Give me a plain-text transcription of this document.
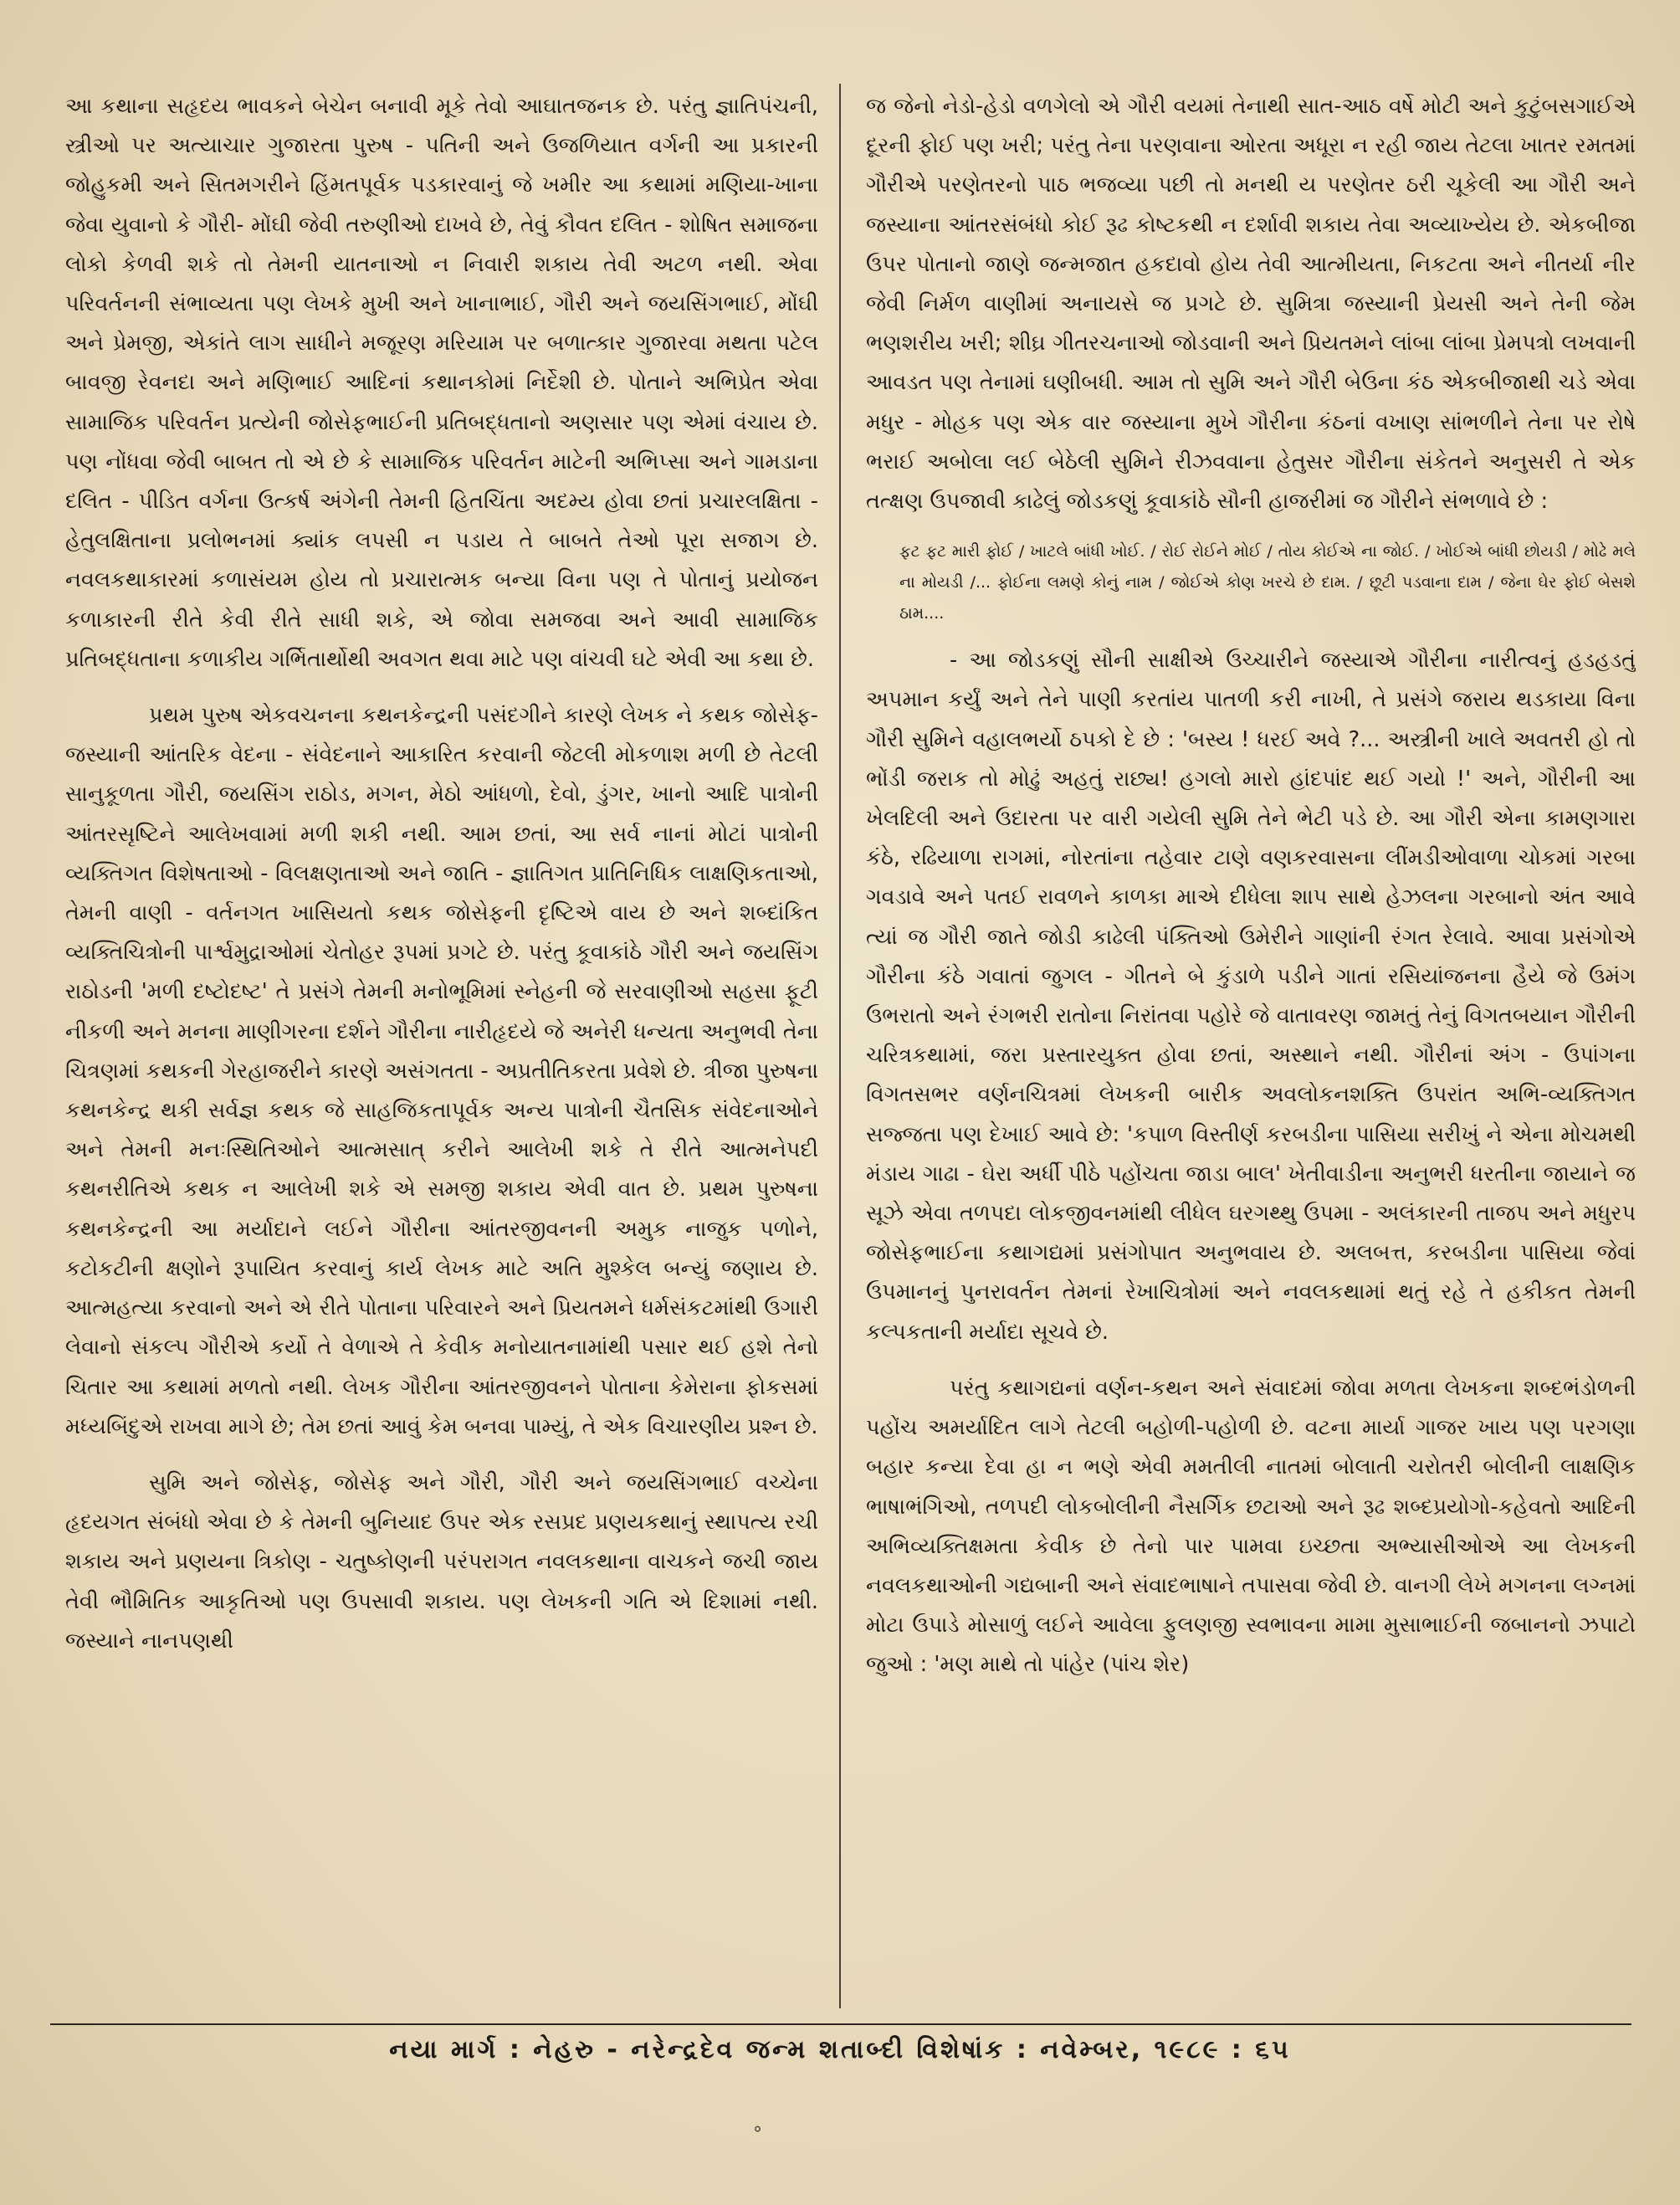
આ કથાના સહૃદય ભાવકને બેચેન બનાવી મૂકે તેવો આઘાતજનક છે. પરંતુ જ્ઞાતિપંચની, સ્ત્રીઓ પર અત્યાચાર ગુજારતા પુરુષ - પતિની અને ઉજળિયાત વર્ગની આ પ્રકારની જોહુકમી અને સિતમગરીને હિંમતપૂર્વક પડકારવાનું જે ખમીર આ કથામાં મણિયા-ખાના જેવા યુવાનો કે ગૌરી- મોંઘી જેવી તરુણીઓ દાખવે છે, તેવું કૌવત દલિત - શોષિત સમાજના લોકો કેળવી શકે તો તેમની યાતનાઓ ન નિવારી શકાય તેવી અટળ નથી. એવા પરિવર્તનની સંભાવ્યતા પણ લેખકે મુખી અને ખાનાભાઈ, ગૌરી અને જયસિંગભાઈ, મોંઘી અને પ્રેમજી, એકાંતે લાગ સાધીને મજૂરણ મરિયામ પર બળાત્કાર ગુજારવા મથતા પટેલ બાવજી રેવનદા અને મણિભાઈ આદિનાં કથાનકોમાં નિર્દેશી છે. પોતાને અભિપ્રેત એવા સામાજિક પરિવર્તન પ્રત્યેની જોસેફભાઈની પ્રતિબદ્ધતાનો અણસાર પણ એમાં વંચાય છે. પણ નોંધવા જેવી બાબત તો એ છે કે સામાજિક પરિવર્તન માટેની અભિપ્સા અને ગામડાના દલિત - પીડિત વર્ગના ઉત્કર્ષ અંગેની તેમની હિતચિંતા અદમ્ય હોવા છતાં પ્રચારલક્ષિતા - હેતુલક્ષિતાના પ્રલોભનમાં ક્યાંક લપસી ન પડાય તે બાબતે તેઓ પૂરા સજાગ છે. નવલકથાકારમાં કળાસંયમ હોય તો પ્રચારાત્મક બન્યા વિના પણ તે પોતાનું પ્રયોજન કળાકારની રીતે કેવી રીતે સાધી શકે, એ જોવા સમજવા અને આવી સામાજિક પ્રતિબદ્ધતાના કળાકીય ગર્ભિતાર્થોથી અવગત થવા માટે પણ વાંચવી ઘટે એવી આ કથા છે.

પ્રથમ પુરુષ એકવચનના કથનકેન્દ્રની પસંદગીને કારણે લેખક ને કથક જોસેફ-જસ્યાની આંતરિક વેદના - સંવેદનાને આકારિત કરવાની જેટલી મોકળાશ મળી છે તેટલી સાનુકૂળતા ગૌરી, જયસિંગ રાઠોડ, મગન, મેઠો આંધળો, દેવો, ડુંગર, ખાનો આદિ પાત્રોની આંતરસૃષ્ટિને આલેખવામાં મળી શકી નથી. આમ છતાં, આ સર્વ નાનાં મોટાં પાત્રોની વ્યક્તિગત વિશેષતાઓ - વિલક્ષણતાઓ અને જાતિ - જ્ઞાતિગત પ્રાતિનિધિક લાક્ષણિકતાઓ, તેમની વાણી - વર્તનગત ખાસિયતો કથક જોસેફની દૃષ્ટિએ વાય છે અને શબ્દાંકિત વ્યક્તિચિત્રોની પાર્શ્વમુદ્રાઓમાં ચેતોહર રૂપમાં પ્રગટે છે. પરંતુ કૂવાકાંઠે ગૌરી અને જયસિંગ રાઠોડની 'મળી દષ્ટોદષ્ટ' તે પ્રસંગે તેમની મનોભૂમિમાં સ્નેહની જે સરવાણીઓ સહસા ફૂટી નીકળી અને મનના માણીગરના દર્શને ગૌરીના નારીહૃદયે જે અનેરી ધન્યતા અનુભવી તેના ચિત્રણમાં કથકની ગેરહાજરીને કારણે અસંગતતા - અપ્રતીતિકરતા પ્રવેશે છે. ત્રીજા પુરુષના કથનકેન્દ્ર થકી સર્વજ્ઞ કથક જે સાહજિકતાપૂર્વક અન્ય પાત્રોની ચૈતસિક સંવેદનાઓને અને તેમની મનઃસ્થિતિઓને આત્મસાત્ કરીને આલેખી શકે તે રીતે આત્મનેપદી કથનરીતિએ કથક ન આલેખી શકે એ સમજી શકાય એવી વાત છે. પ્રથમ પુરુષના કથનકેન્દ્રની આ મર્યાદાને લઈને ગૌરીના આંતરજીવનની અમુક નાજુક પળોને, કટોકટીની ક્ષણોને રૂપાયિત કરવાનું કાર્ય લેખક માટે અતિ મુશ્કેલ બન્યું જણાય છે. આત્મહત્યા કરવાનો અને એ રીતે પોતાના પરિવારને અને પ્રિયતમને ધર્મસંકટમાંથી ઉગારી લેવાનો સંકલ્પ ગૌરીએ કર્યો તે વેળાએ તે કેવીક મનોયાતનામાંથી પસાર થઈ હશે તેનો ચિતાર આ કથામાં મળતો નથી. લેખક ગૌરીના આંતરજીવનને પોતાના કેમેરાના ફોકસમાં મધ્યબિંદુએ રાખવા માગે છે; તેમ છતાં આવું કેમ બનવા પામ્યું, તે એક વિચારણીય પ્રશ્ન છે.

સુમિ અને જોસેફ, જોસેફ અને ગૌરી, ગૌરી અને જયસિંગભાઈ વચ્ચેના હૃદયગત સંબંધો એવા છે કે તેમની બુનિયાદ ઉપર એક રસપ્રદ પ્રણયકથાનું સ્થાપત્ય રચી શકાય અને પ્રણયના ત્રિકોણ - ચતુષ્કોણની પરંપરાગત નવલકથાના વાચકને જચી જાય તેવી ભૌમિતિક આકૃતિઓ પણ ઉપસાવી શકાય. પણ લેખકની ગતિ એ દિશામાં નથી. જસ્યાને નાનપણથી

જ જેનો નેડો-હેડો વળગેલો એ ગૌરી વયમાં તેનાથી સાત-આઠ વર્ષે મોટી અને કુટુંબસગાઈએ દૂરની ફોઈ પણ ખરી; પરંતુ તેના પરણવાના ઓરતા અધૂરા ન રહી જાય તેટલા ખાતર રમતમાં ગૌરીએ પરણેતરનો પાઠ ભજવ્યા પછી તો મનથી ય પરણેતર ઠરી ચૂકેલી આ ગૌરી અને જસ્યાના આંતરસંબંધો કોઈ રૂઢ કોષ્ટકથી ન દર્શાવી શકાય તેવા અવ્યાખ્યેય છે. એકબીજા ઉપર પોતાનો જાણે જન્મજાત હકદાવો હોય તેવી આત્મીયતા, નિકટતા અને નીતર્યા નીર જેવી નિર્મળ વાણીમાં અનાયસે જ પ્રગટે છે. સુમિત્રા જસ્યાની પ્રેયસી અને તેની જેમ ભણશરીય ખરી; શીઘ્ર ગીતરચનાઓ જોડવાની અને પ્રિયતમને લાંબા લાંબા પ્રેમપત્રો લખવાની આવડત પણ તેનામાં ઘણીબધી. આમ તો સુમિ અને ગૌરી બેઉના કંઠ એકબીજાથી ચડે એવા મધુર - મોહક પણ એક વાર જસ્યાના મુખે ગૌરીના કંઠનાં વખાણ સાંભળીને તેના પર રોષે ભરાઈ અબોલા લઈ બેઠેલી સુમિને રીઝવવાના હેતુસર ગૌરીના સંકેતને અનુસરી તે એક તત્ક્ષણ ઉપજાવી કાઢેલું જોડકણું કૂવાકાંઠે સૌની હાજરીમાં જ ગૌરીને સંભળાવે છે :

ફટ ફટ મારી ફોઈ / ખાટલે બાંધી ખોઈ. / રોઈ રોઈને મોઈ / તોય કોઈએ ના જોઈ. / ખોઈએ બાંધી છોયડી / મોઢે મલે ના મોયડી /... ફોઈના લમણે કોનું નામ / જોઈએ કોણ ખરચે છે દામ. / છૂટી પડવાના દામ / જેના ઘેર ફોઈ બેસશે ઠામ....

- આ જોડકણું સૌની સાક્ષીએ ઉચ્ચારીને જસ્યાએ ગૌરીના નારીત્વનું હડહડતું અપમાન કર્યું અને તેને પાણી કરતાંય પાતળી કરી નાખી, તે પ્રસંગે જરાય થડકાયા વિના ગૌરી સુમિને વહાલભર્યો ઠપકો દે છે : 'બસ્ય ! ધરઈ અવે ?... અસ્ત્રીની ખાલે અવતરી હો તો ભોંડી જરાક તો મોઢું અહતું રાછ્ય! હગલો મારો હાંદપાંદ થઈ ગયો !' અને, ગૌરીની આ ખેલદિલી અને ઉદારતા પર વારી ગયેલી સુમિ તેને ભેટી પડે છે. આ ગૌરી એના કામણગારા કંઠે, રઢિયાળા રાગમાં, નોરતાંના તહેવાર ટાણે વણકરવાસના લીંમડીઓવાળા ચોકમાં ગરબા ગવડાવે અને પતઈ રાવળને કાળકા માએ દીધેલા શાપ સાથે હેઝલના ગરબાનો અંત આવે ત્યાં જ ગૌરી જાતે જોડી કાઢેલી પંક્તિઓ ઉમેરીને ગાણાંની રંગત રેલાવે. આવા પ્રસંગોએ ગૌરીના કંઠે ગવાતાં જુગલ - ગીતને બે કુંડાળે પડીને ગાતાં રસિયાંજનના હૈયે જે ઉમંગ ઉભરાતો અને રંગભરી રાતોના નિરાંતવા પહોરે જે વાતાવરણ જામતું તેનું વિગતબયાન ગૌરીની ચરિત્રકથામાં, જરા પ્રસ્તારયુક્ત હોવા છતાં, અસ્થાને નથી. ગૌરીનાં અંગ - ઉપાંગના વિગતસભર વર્ણનચિત્રમાં લેખકની બારીક અવલોકનશક્તિ ઉપરાંત અભિ-વ્યક્તિગત સજ્જતા પણ દેખાઈ આવે છે: 'કપાળ વિસ્તીર્ણ કરબડીના પાસિયા સરીખું ને એના મોચમથી મંડાય ગાઢા - ઘેરા અર્ધી પીઠે પહોંચતા જાડા બાલ' ખેતીવાડીના અનુભરી ધરતીના જાયાને જ સૂઝે એવા તળપદા લોકજીવનમાંથી લીધેલ ઘરગથ્થુ ઉપમા - અલંકારની તાજપ અને મધુરપ જોસેફભાઈના કથાગદ્યમાં પ્રસંગોપાત અનુભવાય છે. અલબત્ત, કરબડીના પાસિયા જેવાં ઉપમાનનું પુનરાવર્તન તેમનાં રેખાચિત્રોમાં અને નવલકથામાં થતું રહે તે હકીકત તેમની કલ્પકતાની મર્યાદા સૂચવે છે.

પરંતુ કથાગદ્યનાં વર્ણન-કથન અને સંવાદમાં જોવા મળતા લેખકના શબ્દભંડોળની પહોંચ અમર્યાદિત લાગે તેટલી બહોળી-પહોળી છે. વટના માર્યા ગાજર ખાય પણ પરગણા બહાર કન્યા દેવા હા ન ભણે એવી મમતીલી નાતમાં બોલાતી ચરોતરી બોલીની લાક્ષણિક ભાષાભંગિઓ, તળપદી લોકબોલીની નૈસર્ગિક છટાઓ અને રૂઢ શબ્દપ્રયોગો-કહેવતો આદિની અભિવ્યક્તિક્ષમતા કેવીક છે તેનો પાર પામવા ઇચ્છતા અભ્યાસીઓએ આ લેખકની નવલકથાઓની ગદ્યબાની અને સંવાદભાષાને તપાસવા જેવી છે. વાનગી લેખે મગનના લગ્નમાં મોટા ઉપાડે મોસાળું લઈને આવેલા ફુલણજી સ્વભાવના મામા મુસાભાઈની જબાનનો ઝપાટો જુઓ : 'મણ માથે તો પાંહેર (પાંચ શેર)

નયા માર્ગ : નેહરુ - નરેન્દ્રદેવ જન્મ શતાબ્દી વિશેષાંક : નવેમ્બર, ૧૯૮૯ : ૬૫
°
